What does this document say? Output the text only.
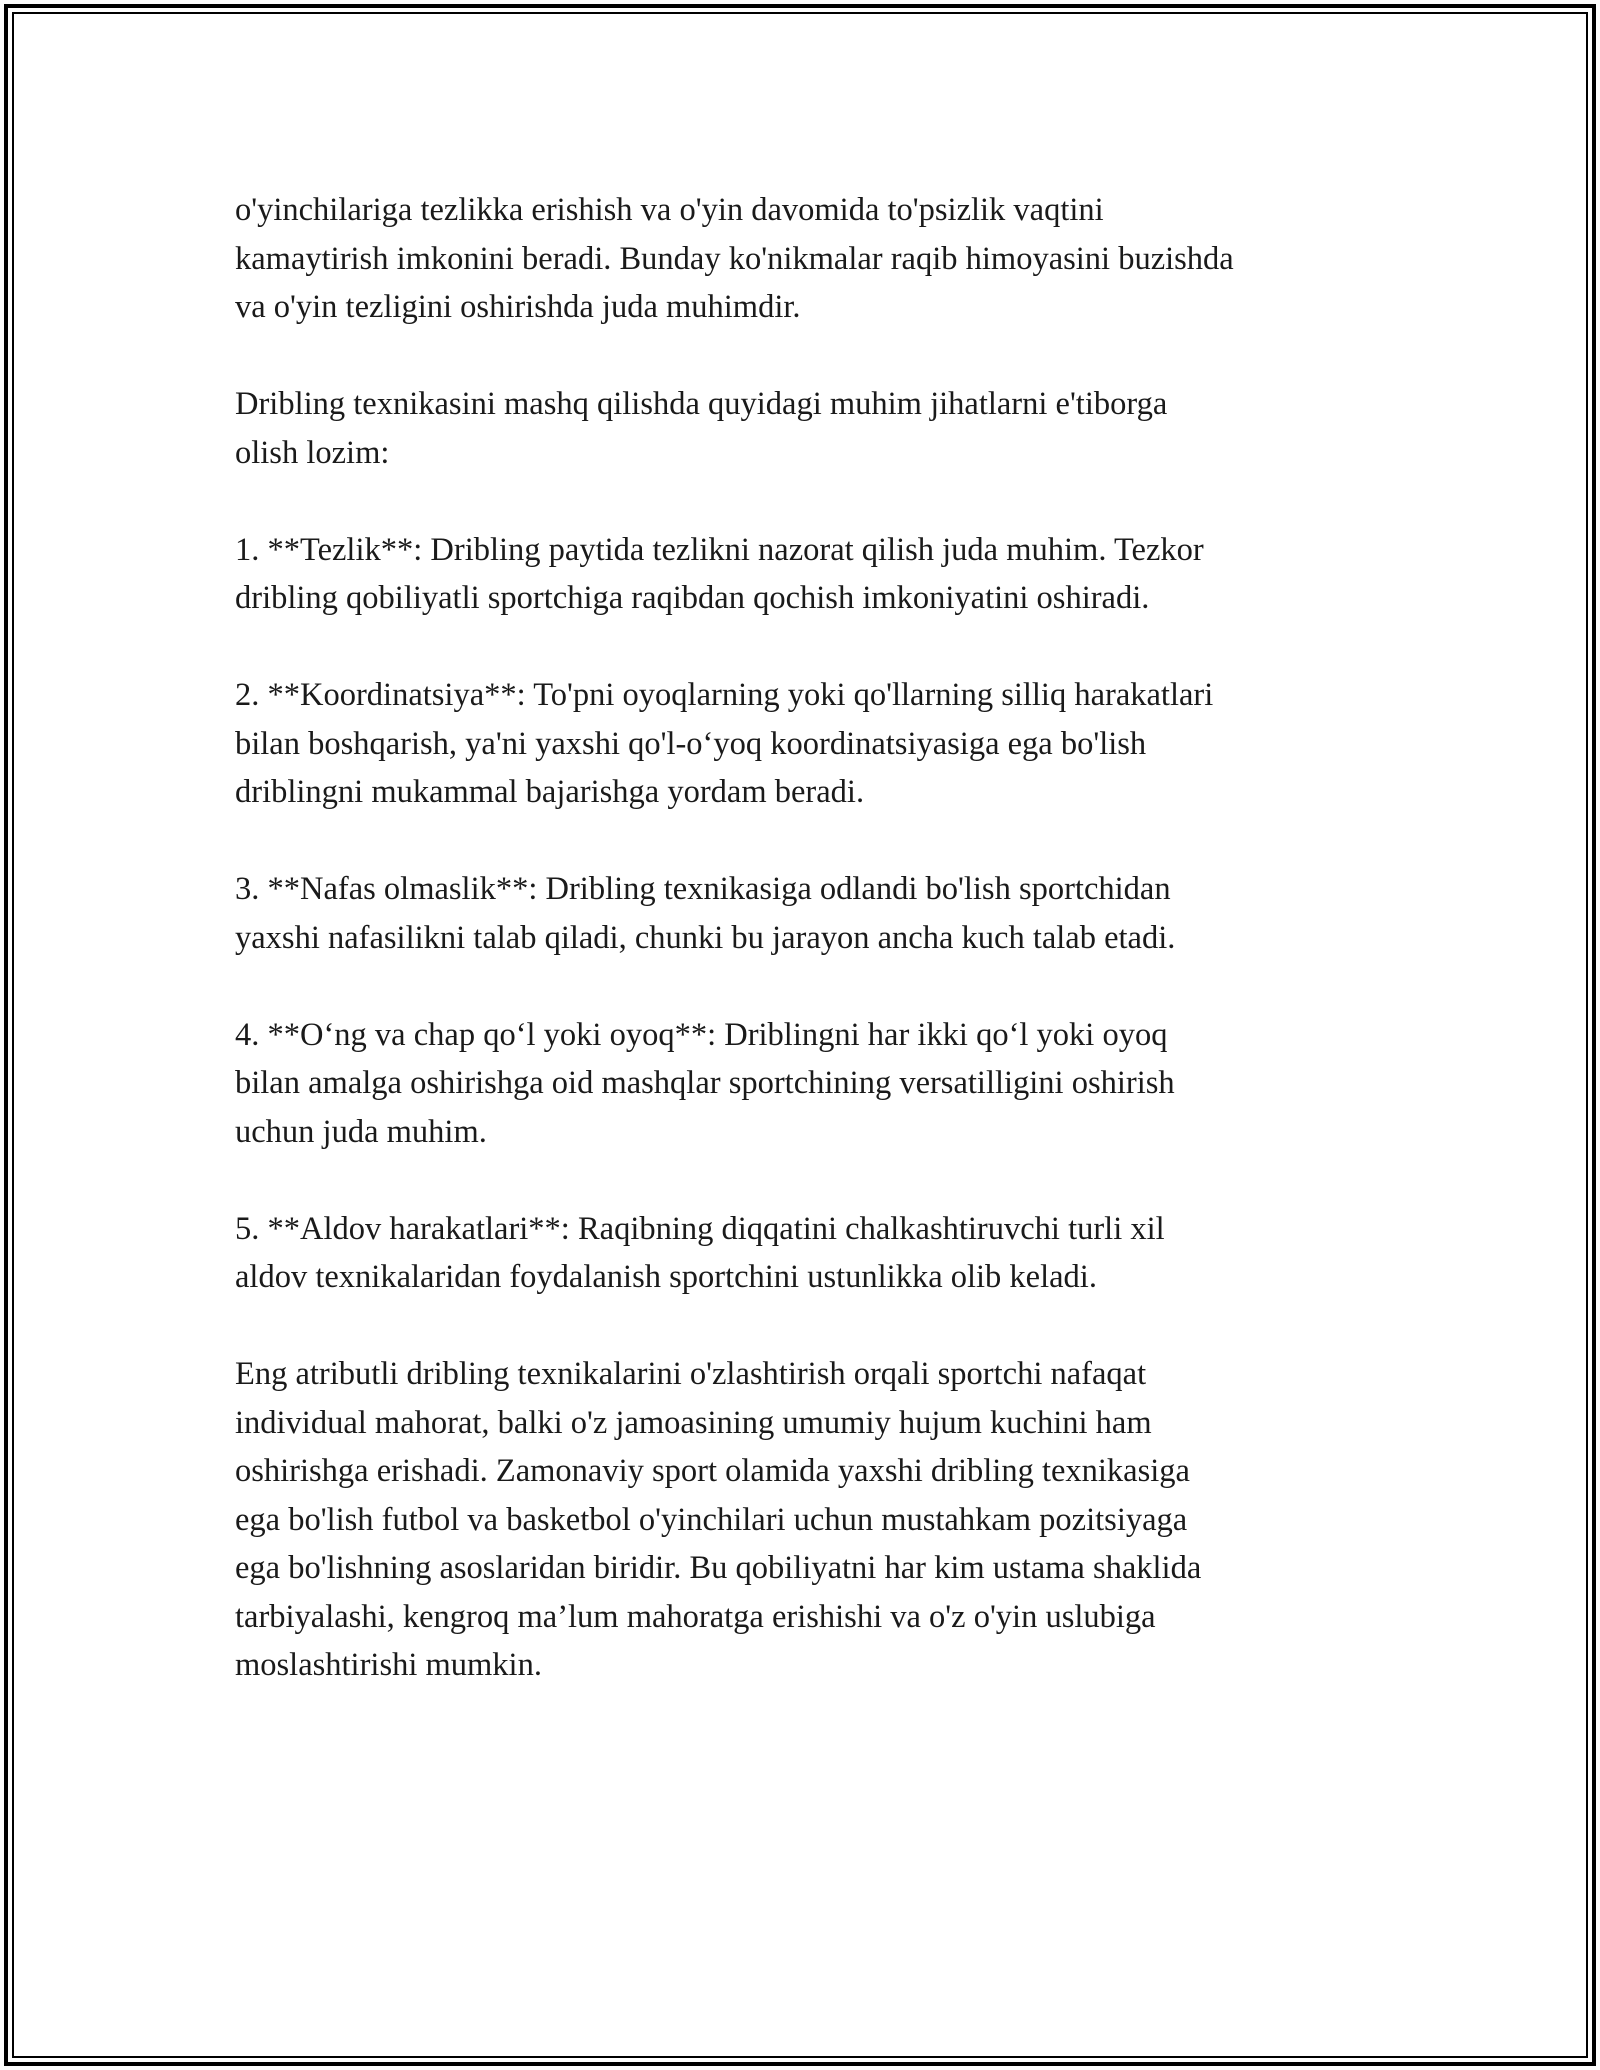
o'yinchilariga tezlikka erishish va o'yin davomida to'psizlik vaqtini
kamaytirish imkonini beradi. Bunday ko'nikmalar raqib himoyasini buzishda
va o'yin tezligini oshirishda juda muhimdir.

Dribling texnikasini mashq qilishda quyidagi muhim jihatlarni e'tiborga
olish lozim:

1. **Tezlik**: Dribling paytida tezlikni nazorat qilish juda muhim. Tezkor
dribling qobiliyatli sportchiga raqibdan qochish imkoniyatini oshiradi.

2. **Koordinatsiya**: To'pni oyoqlarning yoki qo'llarning silliq harakatlari
bilan boshqarish, ya'ni yaxshi qo'l-o‘yoq koordinatsiyasiga ega bo'lish
driblingni mukammal bajarishga yordam beradi.

3. **Nafas olmaslik**: Dribling texnikasiga odlandi bo'lish sportchidan
yaxshi nafasilikni talab qiladi, chunki bu jarayon ancha kuch talab etadi.

4. **O‘ng va chap qo‘l yoki oyoq**: Driblingni har ikki qo‘l yoki oyoq
bilan amalga oshirishga oid mashqlar sportchining versatilligini oshirish
uchun juda muhim.

5. **Aldov harakatlari**: Raqibning diqqatini chalkashtiruvchi turli xil
aldov texnikalaridan foydalanish sportchini ustunlikka olib keladi.

Eng atributli dribling texnikalarini o'zlashtirish orqali sportchi nafaqat
individual mahorat, balki o'z jamoasining umumiy hujum kuchini ham
oshirishga erishadi. Zamonaviy sport olamida yaxshi dribling texnikasiga
ega bo'lish futbol va basketbol o'yinchilari uchun mustahkam pozitsiyaga
ega bo'lishning asoslaridan biridir. Bu qobiliyatni har kim ustama shaklida
tarbiyalashi, kengroq ma’lum mahoratga erishishi va o'z o'yin uslubiga
moslashtirishi mumkin.
